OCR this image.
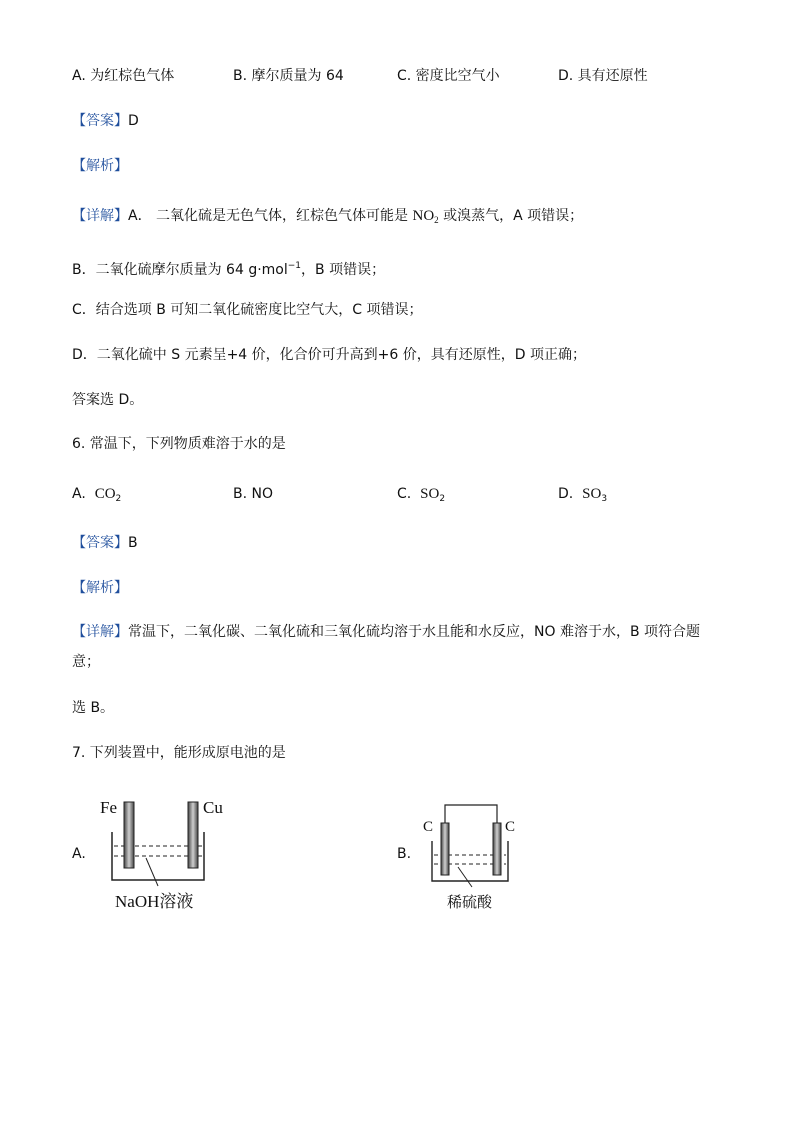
A. 为红棕色气体	B. 摩尔质量为 64	C. 密度比空气小	D. 具有还原性
【答案】D
【解析】
【详解】A． 二氧化硫是无色气体，红棕色气体可能是 $NO_2$ 或溴蒸气，A 项错误；
B．二氧化硫摩尔质量为 64 g·mol$^{-1}$，B 项错误；
C．结合选项 B 可知二氧化硫密度比空气大，C 项错误；
D．二氧化硫中 S 元素呈+4 价，化合价可升高到+6 价，具有还原性，D 项正确；
答案选 D。
6. 常温下，下列物质难溶于水的是
A. $CO_2$	B. NO	C. $SO_2$	D. $SO_3$
【答案】B
【解析】
【详解】常温下，二氧化碳、二氧化硫和三氧化硫均溶于水且能和水反应，NO 难溶于水，B 项符合题
意；
选 B。
7. 下列装置中，能形成原电池的是
A.
Fe	Cu
NaOH溶液
B.
C	C
稀硫酸
